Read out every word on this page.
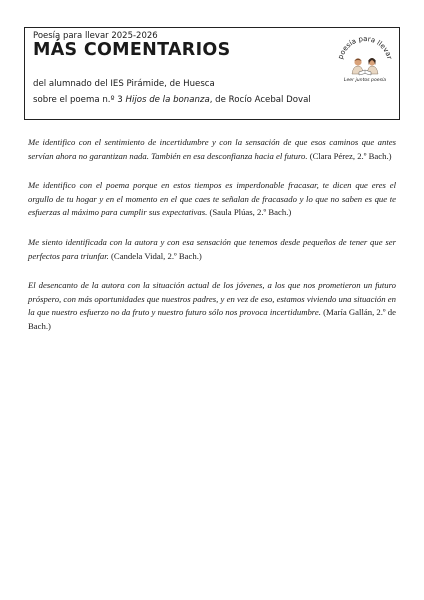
Poesía para llevar 2025-2026
MÁS COMENTARIOS
del alumnado del IES Pirámide, de Huesca
sobre el poema n.º 3 Hijos de la bonanza, de Rocío Acebal Doval
poesía para llevar
Leer juntos poesía

Me identifico con el sentimiento de incertidumbre y con la sensación de que esos caminos que antes servían ahora no garantizan nada. También en esa desconfianza hacia el futuro. (Clara Pérez, 2.º Bach.)

Me identifico con el poema porque en estos tiempos es imperdonable fracasar, te dicen que eres el orgullo de tu hogar y en el momento en el que caes te señalan de fracasado y lo que no saben es que te esfuerzas al máximo para cumplir sus expectativas. (Saula Plúas, 2.º Bach.)

Me siento identificada con la autora y con esa sensación que tenemos desde pequeños de tener que ser perfectos para triunfar. (Candela Vidal, 2.º Bach.)

El desencanto de la autora con la situación actual de los jóvenes, a los que nos prometieron un futuro próspero, con más oportunidades que nuestros padres, y en vez de eso, estamos viviendo una situación en la que nuestro esfuerzo no da fruto y nuestro futuro sólo nos provoca incertidumbre. (María Gallán, 2.º de Bach.)
